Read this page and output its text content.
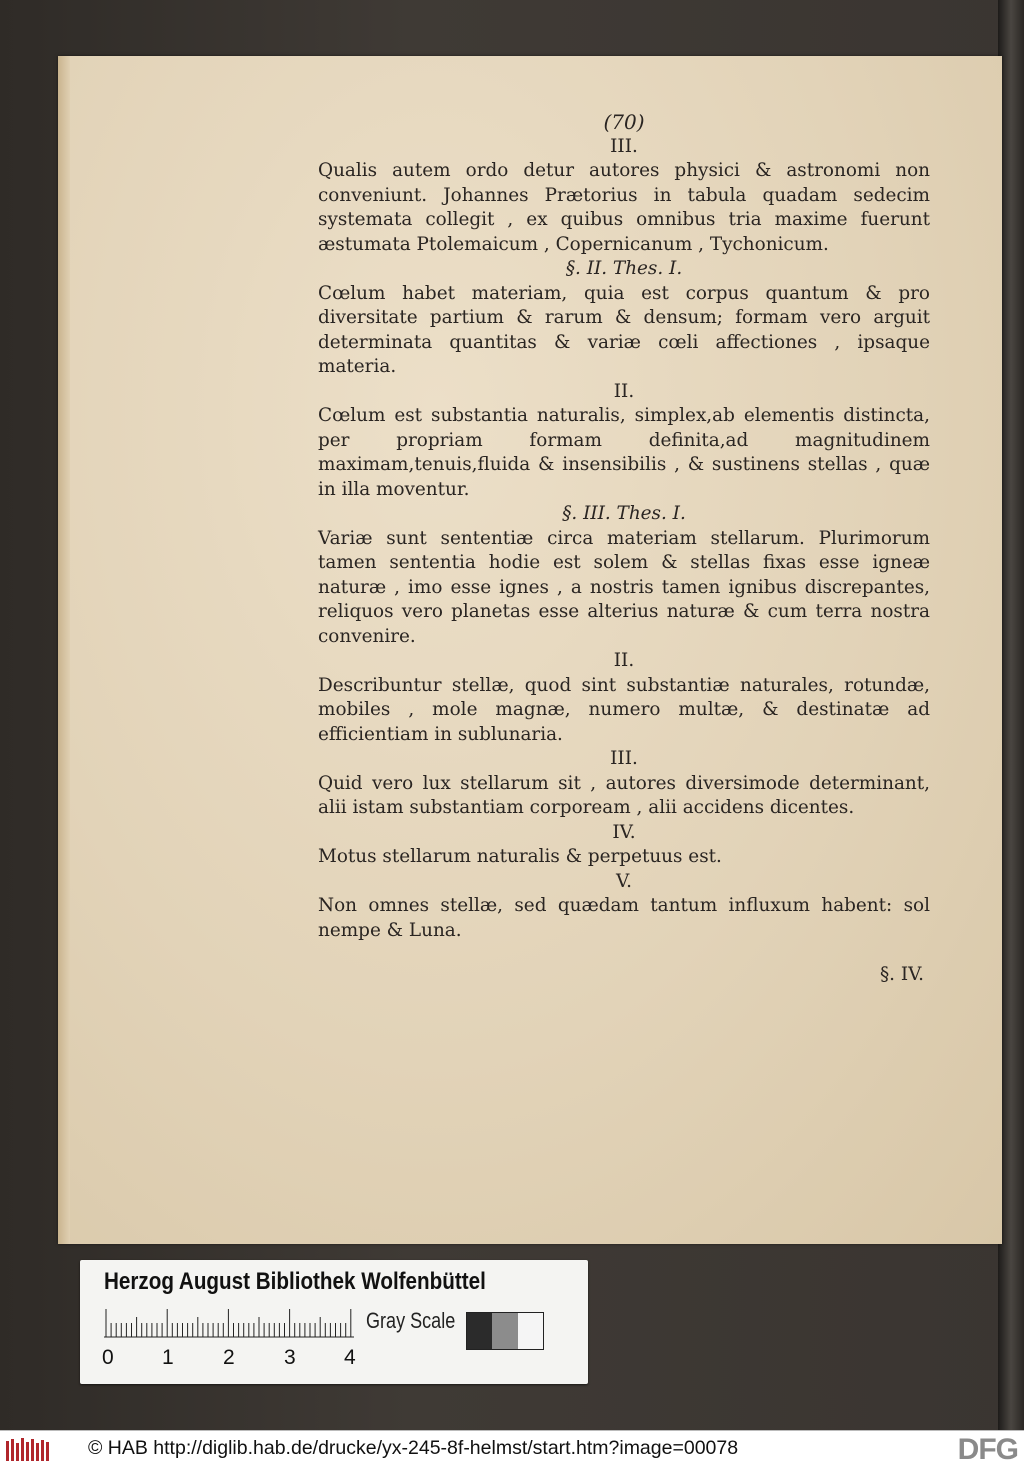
(70)
III.
Qualis autem ordo detur autores physici & astronomi non conveniunt. Johannes Prætorius in tabula quadam sedecim systemata collegit , ex quibus omnibus tria maxime fuerunt æstumata Ptolemaicum , Copernicanum , Tychonicum.
§. II. Thes. I.
Cœlum habet materiam, quia est corpus quantum & pro diversitate partium & rarum & densum; formam vero arguit determinata quantitas & variæ cœli affectiones , ipsaque materia.
II.
Cœlum est substantia naturalis, simplex,ab elementis distincta, per propriam formam definita,ad magnitudinem maximam,tenuis,fluida & insensibilis , & sustinens stellas , quæ in illa moventur.
§. III. Thes. I.
Variæ sunt sententiæ circa materiam stellarum. Plurimorum tamen sententia hodie est solem & stellas fixas esse igneæ naturæ , imo esse ignes , a nostris tamen ignibus discrepantes, reliquos vero planetas esse alterius naturæ & cum terra nostra convenire.
II.
Describuntur stellæ, quod sint substantiæ naturales, rotundæ, mobiles , mole magnæ, numero multæ, & destinatæ ad efficientiam in sublunaria.
III.
Quid vero lux stellarum sit , autores diversimode determinant, alii istam substantiam corpoream , alii accidens dicentes.
IV.
Motus stellarum naturalis & perpetuus est.
V.
Non omnes stellæ, sed quædam tantum influxum habent: sol nempe & Luna.
§. IV.
Herzog August Bibliothek Wolfenbüttel
0 1 2 3 4
Gray Scale
© HAB http://diglib.hab.de/drucke/yx-245-8f-helmst/start.htm?image=00078	DFG
